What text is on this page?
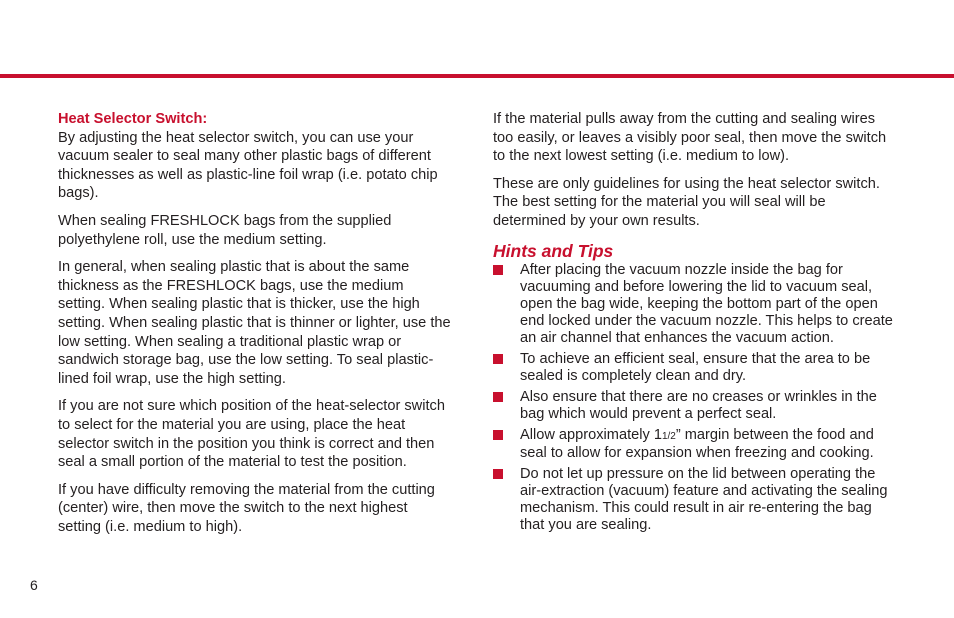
Heat Selector Switch:

By adjusting the heat selector switch, you can use your vacuum sealer to seal many other plastic bags of different thicknesses as well as plastic-line foil wrap (i.e. potato chip bags).

When sealing FRESHLOCK bags from the supplied polyethylene roll, use the medium setting.

In general, when sealing plastic that is about the same thickness as the FRESHLOCK bags, use the medium setting. When sealing plastic that is thicker, use the high setting. When sealing plastic that is thinner or lighter, use the low setting. When sealing a traditional plastic wrap or sandwich storage bag, use the low setting. To seal plastic-lined foil wrap, use the high setting.

If you are not sure which position of the heat-selector switch to select for the material you are using, place the heat selector switch in the position you think is correct and then seal a small portion of the material to test the position.

If you have difficulty removing the material from the cutting (center) wire, then move the switch to the next highest setting (i.e. medium to high).

If the material pulls away from the cutting and sealing wires too easily, or leaves a visibly poor seal, then move the switch to the next lowest setting (i.e. medium to low).

These are only guidelines for using the heat selector switch. The best setting for the material you will seal will be determined by your own results.

Hints and Tips
After placing the vacuum nozzle inside the bag for vacuuming and before lowering the lid to vacuum seal, open the bag wide, keeping the bottom part of the open end locked under the vacuum nozzle. This helps to create an air channel that enhances the vacuum action.
To achieve an efficient seal, ensure that the area to be sealed is completely clean and dry.
Also ensure that there are no creases or wrinkles in the bag which would prevent a perfect seal.
Allow approximately 11/2” margin between the food and seal to allow for expansion when freezing and cooking.
Do not let up pressure on the lid between operating the air-extraction (vacuum) feature and activating the sealing mechanism. This could result in air re-entering the bag that you are sealing.
6
